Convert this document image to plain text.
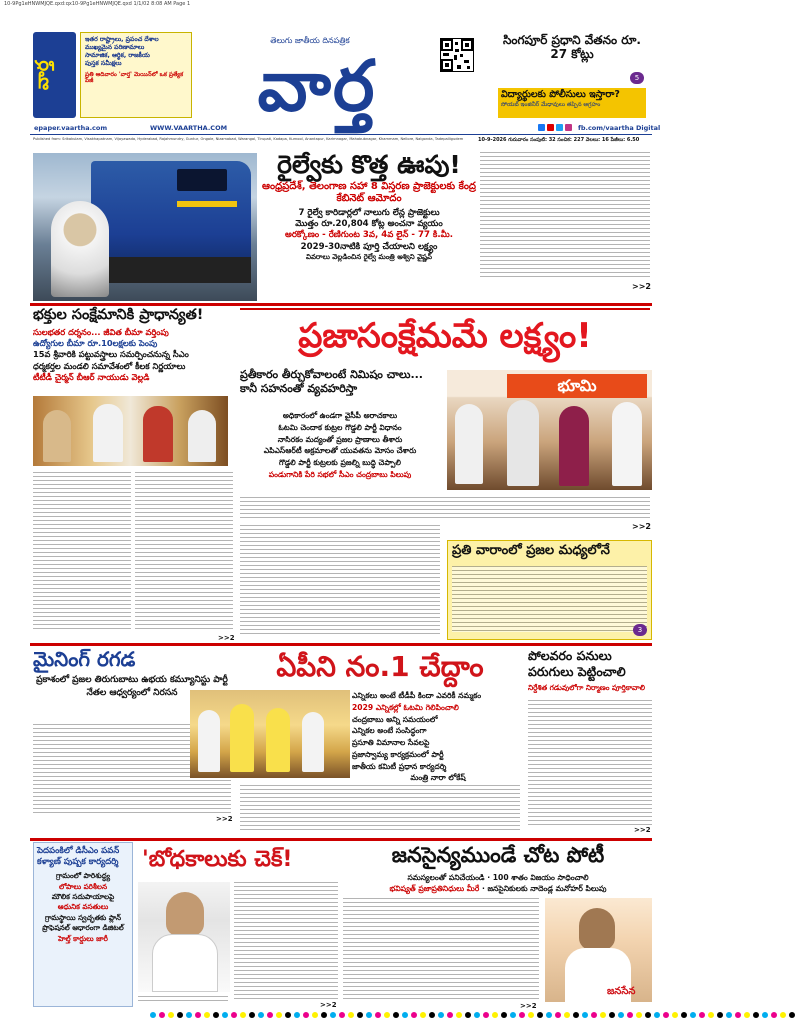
10-9Pg1eHNWMJQE.qxd:qx10-9Pg1eHNWMJQE.qxd 1/1/02 8:08 AM Page 1
వార్త
ఇతర రాష్ట్రాలు, ప్రపంచ దేశాల
ముఖ్యమైన పరిణామాలు
సామాజిక, ఆర్థిక, రాజకీయ
పుస్తక సమీక్షలు
ప్రతి ఆదివారం 'వార్త' మెయిన్‌లో ఒక ప్రత్యేక పేజీ
తెలుగు జాతీయ దినపత్రిక
వార్త
సింగపూర్ ప్రధాని వేతనం రూ. 27 కోట్లు
5
విద్యార్థులకు పోలీసులు ఇస్తారా?
సోయబ్ ఇంజినీర్ మేధావులు తప్పిన ఆగ్రహం
epaper.vaartha.com	WWW.VAARTHA.COM	fb.com/vaartha Digital
Published from: Srikakulam, Visakhapatnam, Vijayawada, Hyderabad, Rajahmundry, Guntur, Ongole, Nizamabad, Warangal, Tirupati, Kadapa, Kurnool, Anantapur, Karimnagar, Mahabubnagar, Khammam, Nellore, Nalgonda, Tadepalligudem	10-9-2026 గురువారం సంపుటి: 32 సంచిక: 227 వెలలు: 16 పేజీలు: 6.50
రైల్వేకు కొత్త ఊపు!
ఆంధ్రప్రదేశ్, తెలంగాణ సహా 8 విస్తరణ ప్రాజెక్టులకు కేంద్ర కేబినెట్ ఆమోదం
7 రైల్వే కారిడార్లలో నాలుగు లేన్ల ప్రాజెక్టులు
మొత్తం రూ.20,804 కోట్ల అంచనా వ్యయం
అరక్కోణం - రేణిగుంట 3వ, 4వ లైన్ - 77 కి.మీ.
2029-30నాటికి పూర్తి చేయాలని లక్ష్యం
వివరాలు వెల్లడించిన రైల్వే మంత్రి అశ్విని వైష్ణవ్
>>2
భక్తుల సంక్షేమానికి ప్రాధాన్యత!
సులభతర దర్శనం... జీవిత బీమా వర్తింపు
ఉద్యోగుల బీమా రూ.10లక్షలకు పెంపు
15వ శ్రీవారికి పట్టువస్త్రాలు సమర్పించనున్న సీఎం
ధర్మకర్తల మండలి సమావేశంలో కీలక నిర్ణయాలు
టీటీడీ చైర్మన్ బీఆర్ నాయుడు వెల్లడి
>>2
ప్రజాసంక్షేమమే లక్ష్యం!
ప్రతీకారం తీర్చుకోవాలంటే నిమిషం చాలు... కానీ సహనంతో వ్యవహరిస్తా
అధికారంలో ఉండగా వైసీపీ అరాచకాలు
ఓటమి చెందాక కుట్రల గొడ్డలి పార్టీ విధానం
నాసిరకం మద్యంతో ప్రజల ప్రాణాలు తీశారు
ఎపిఎస్ఆర్‌టీ అక్రమాలతో యువతను మోసం చేశారు
గొడ్డలి పార్టీ కుట్రలకు ప్రజల్ని బుద్ధి చెప్పాలి
పండుగానికి పేరి సభలో సీఎం చంద్రబాబు పిలుపు
భూమి
>>2
ప్రతి వారాంలో ప్రజల మధ్యలోనే
3
మైనింగ్ రగడ
ప్రకాశంలో ప్రజల తిరుగుబాటు ఉభయ కమ్యూనిస్టు పార్టీ నేతల ఆధ్వర్యంలో నిరసన
>>2
ఏపీని నం.1 చేద్దాం
ఎన్నికలు అంటే టీడీపీ కిందా ఎవరికీ నమ్మకం
2029 ఎన్నికల్లో ఓటమి గెలిపించాలి
చంద్రబాబు అన్ని సమయంలో
ఎన్నికల అంటే సంసిద్ధంగా
ప్రసూతి విమానాల సేవలపై
ప్రజాస్వామ్య కార్యక్రమంలో పార్టీ
జాతీయ కమిటీ ప్రధాన కార్యదర్శి
మంత్రి నారా లోకేష్
పోలవరం పనులు పరుగులు పెట్టించాలి
నిర్దేశిత గడువులోగా నిర్మాణం పూర్తికావాలి
>>2
పెదపంకిలో డిసీఎం పవన్ కళ్యాణ్ పుష్పక కార్యదర్శి
గ్రామంలో పారిశుద్ధ్య
లోపాలు పరిశీలన
మౌలిక సదుపాయాలపై
ఆధునిక వసతులు
గ్రామస్థాయి స్వచ్ఛతకు ప్లాన్
ప్రొఫెషనల్ ఆధారంగా డిజిటల్
హెల్త్ కార్డులు జారీ
'బోధకాలుకు చెక్!
>>2
జనసైన్యముండే చోట పోటీ
సమస్యలంతో పనిచేయండి · 100 శాతం విజయం సాధించాలి
భవిష్యత్ ప్రజాప్రతినిధులు మీరే · జనసైనికులకు నాదెండ్ల మనోహర్ పిలుపు
జనసేన
>>2
